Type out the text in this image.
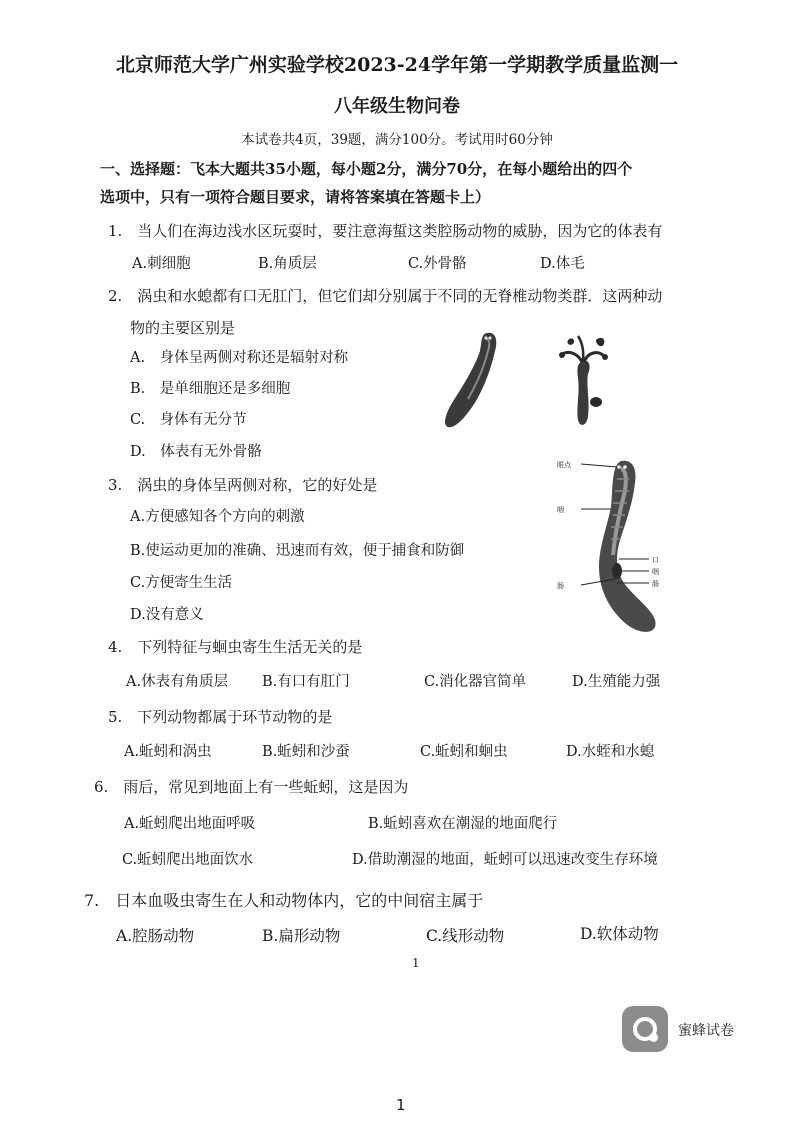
北京师范大学广州实验学校2023-24学年第一学期教学质量监测一
八年级生物问卷
本试卷共4页，39题，满分100分。考试用时60分钟
一、选择题：飞本大题共35小题，每小题2分，满分70分，在每小题给出的四个
选项中，只有一项符合题目要求，请将答案填在答题卡上）
1.　当人们在海边浅水区玩耍时，要注意海蜇这类腔肠动物的威胁，因为它的体表有
A.刺细胞	B.角质层	C.外骨骼	D.体毛
2.　涡虫和水螅都有口无肛门，但它们却分别属于不同的无脊椎动物类群．这两种动
物的主要区别是
A.　身体呈两侧对称还是辐射对称
B.　是单细胞还是多细胞
C.　身体有无分节
D.　体表有无外骨骼
3.　涡虫的身体呈两侧对称，它的好处是
A.方便感知各个方向的刺激
B.使运动更加的准确、迅速而有效，便于捕食和防御
C.方便寄生生活
D.没有意义
眼点
咽
肠
口
咽
肠
4.　下列特征与蛔虫寄生生活无关的是
A.休表有角质层 B.有口有肛门	C.消化器官简单	D.生殖能力强
5.　下列动物都属于环节动物的是
A.蚯蚓和涡虫	B.蚯蚓和沙蚕	C.蚯蚓和蛔虫	D.水蛭和水螅
6.　雨后，常见到地面上有一些蚯蚓，这是因为
A.蚯蚓爬出地面呼吸	B.蚯蚓喜欢在潮湿的地面爬行
C.蚯蚓爬出地面饮水	D.借助潮湿的地面，蚯蚓可以迅速改变生存环境
7.　日本血吸虫寄生在人和动物体内，它的中间宿主属于
A.腔肠动物	B.扁形动物	C.线形动物	D.软体动物
1
蜜蜂试卷
1
